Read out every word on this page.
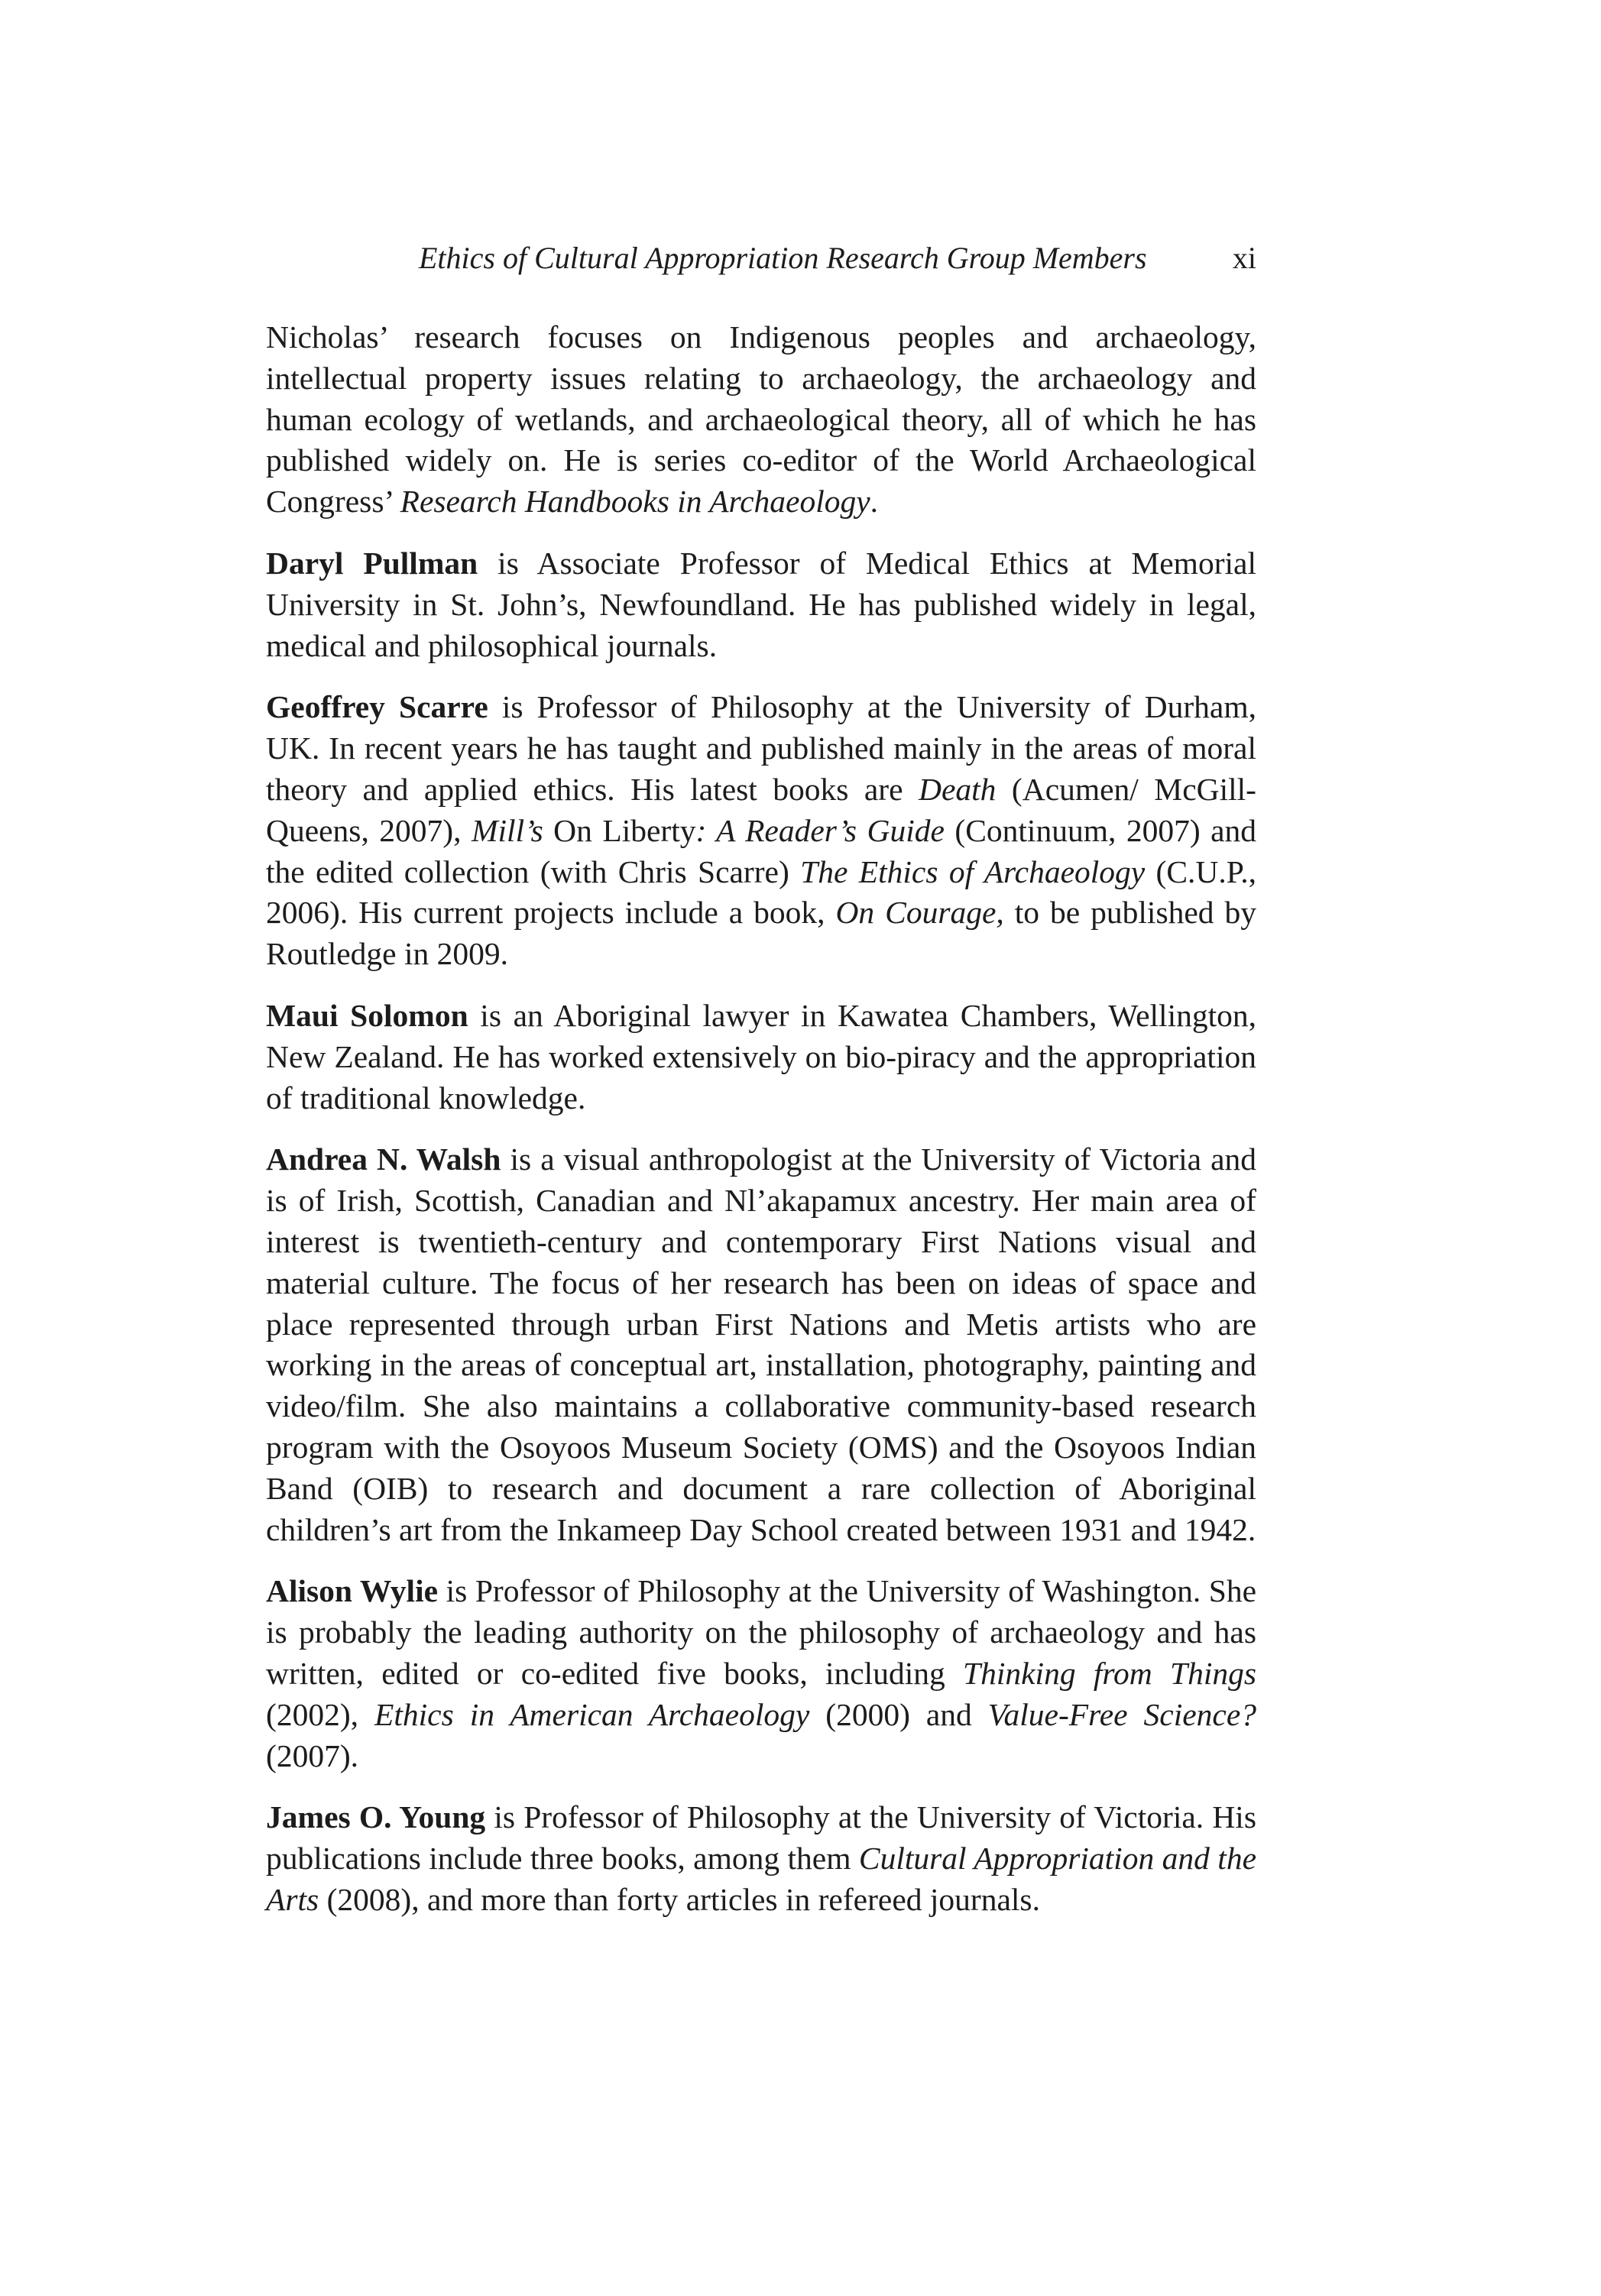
Ethics of Cultural Appropriation Research Group Members	xi

Nicholas’ research focuses on Indigenous peoples and archaeology, intellectual property issues relating to archaeology, the archaeology and human ecology of wetlands, and archaeological theory, all of which he has published widely on. He is series co-editor of the World Archaeological Congress’ Research Handbooks in Archaeology.

Daryl Pullman is Associate Professor of Medical Ethics at Memorial University in St. John’s, Newfoundland. He has published widely in legal, medical and philosophical journals.

Geoffrey Scarre is Professor of Philosophy at the University of Durham, UK. In recent years he has taught and published mainly in the areas of moral theory and applied ethics. His latest books are Death (Acumen/ McGill-Queens, 2007), Mill’s On Liberty: A Reader’s Guide (Continuum, 2007) and the edited collection (with Chris Scarre) The Ethics of Archaeology (C.U.P., 2006). His current projects include a book, On Courage, to be published by Routledge in 2009.

Maui Solomon is an Aboriginal lawyer in Kawatea Chambers, Wellington, New Zealand. He has worked extensively on bio-piracy and the appropriation of traditional knowledge.

Andrea N. Walsh is a visual anthropologist at the University of Victoria and is of Irish, Scottish, Canadian and Nl’akapamux ancestry. Her main area of interest is twentieth-century and contemporary First Nations visual and material culture. The focus of her research has been on ideas of space and place represented through urban First Nations and Metis artists who are working in the areas of conceptual art, installation, photography, painting and video/film. She also maintains a collaborative community-based research program with the Osoyoos Museum Society (OMS) and the Osoyoos Indian Band (OIB) to research and document a rare collection of Aboriginal children’s art from the Inkameep Day School created between 1931 and 1942.

Alison Wylie is Professor of Philosophy at the University of Washington. She is probably the leading authority on the philosophy of archaeology and has written, edited or co-edited five books, including Thinking from Things (2002), Ethics in American Archaeology (2000) and Value-Free Science? (2007).

James O. Young is Professor of Philosophy at the University of Victoria. His publications include three books, among them Cultural Appropriation and the Arts (2008), and more than forty articles in refereed journals.
